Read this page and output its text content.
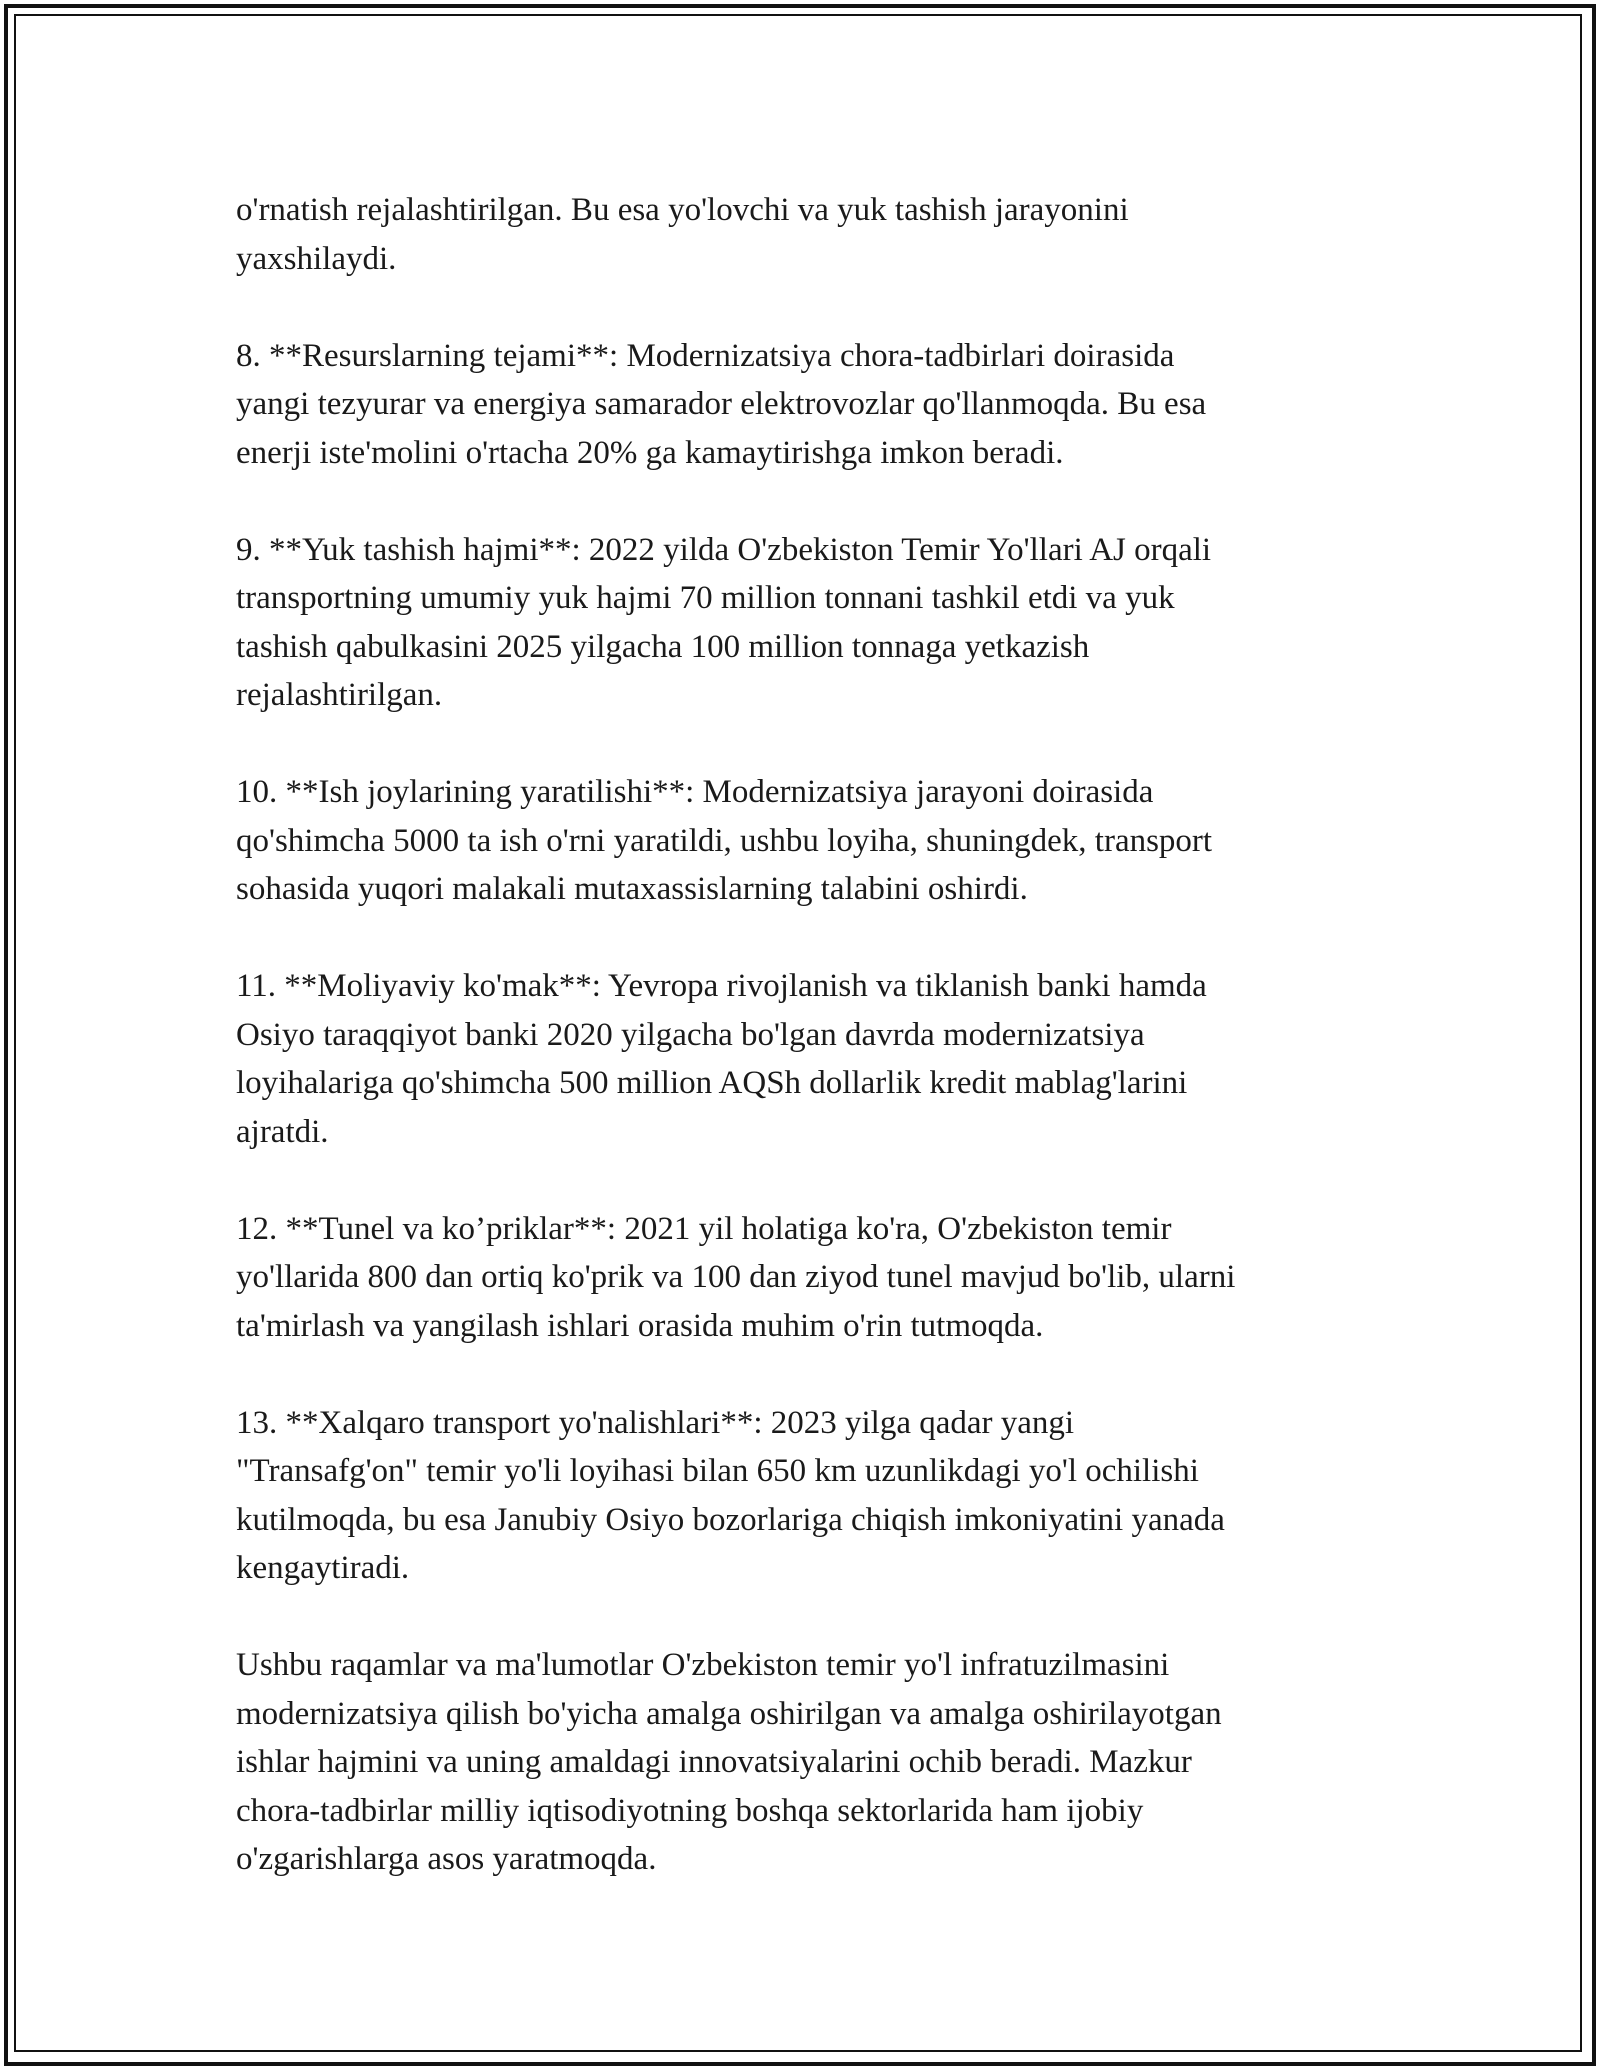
o'rnatish rejalashtirilgan. Bu esa yo'lovchi va yuk tashish jarayonini
yaxshilaydi.

8. **Resurslarning tejami**: Modernizatsiya chora-tadbirlari doirasida
yangi tezyurar va energiya samarador elektrovozlar qo'llanmoqda. Bu esa
enerji iste'molini o'rtacha 20% ga kamaytirishga imkon beradi.

9. **Yuk tashish hajmi**: 2022 yilda O'zbekiston Temir Yo'llari AJ orqali
transportning umumiy yuk hajmi 70 million tonnani tashkil etdi va yuk
tashish qabulkasini 2025 yilgacha 100 million tonnaga yetkazish
rejalashtirilgan.

10. **Ish joylarining yaratilishi**: Modernizatsiya jarayoni doirasida
qo'shimcha 5000 ta ish o'rni yaratildi, ushbu loyiha, shuningdek, transport
sohasida yuqori malakali mutaxassislarning talabini oshirdi.

11. **Moliyaviy ko'mak**: Yevropa rivojlanish va tiklanish banki hamda
Osiyo taraqqiyot banki 2020 yilgacha bo'lgan davrda modernizatsiya
loyihalariga qo'shimcha 500 million AQSh dollarlik kredit mablag'larini
ajratdi.

12. **Tunel va ko’priklar**: 2021 yil holatiga ko'ra, O'zbekiston temir
yo'llarida 800 dan ortiq ko'prik va 100 dan ziyod tunel mavjud bo'lib, ularni
ta'mirlash va yangilash ishlari orasida muhim o'rin tutmoqda.

13. **Xalqaro transport yo'nalishlari**: 2023 yilga qadar yangi
"Transafg'on" temir yo'li loyihasi bilan 650 km uzunlikdagi yo'l ochilishi
kutilmoqda, bu esa Janubiy Osiyo bozorlariga chiqish imkoniyatini yanada
kengaytiradi.

Ushbu raqamlar va ma'lumotlar O'zbekiston temir yo'l infratuzilmasini
modernizatsiya qilish bo'yicha amalga oshirilgan va amalga oshirilayotgan
ishlar hajmini va uning amaldagi innovatsiyalarini ochib beradi. Mazkur
chora-tadbirlar milliy iqtisodiyotning boshqa sektorlarida ham ijobiy
o'zgarishlarga asos yaratmoqda.
